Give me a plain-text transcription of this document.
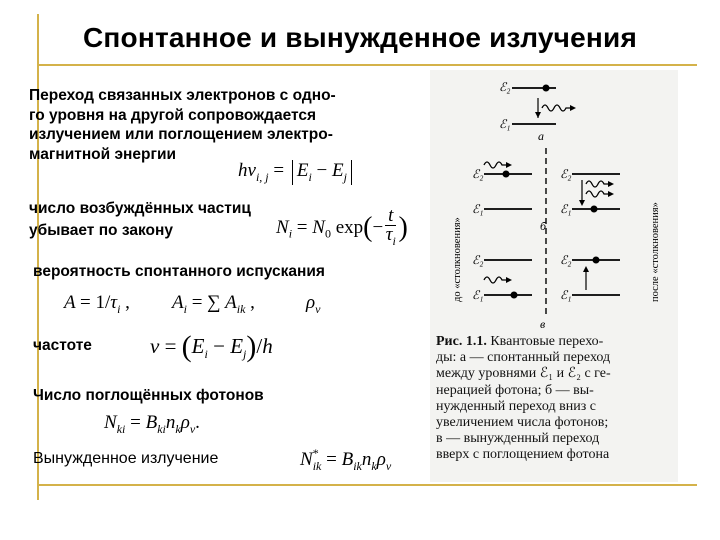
Спонтанное и вынужденное излучения
Переход связанных электронов с одно-
го уровня на другой сопровождается
излучением или поглощением электро-
магнитной энергии
$h\nu_{i, j} = E_i - E_j$
число возбуждённых частиц
убывает по закону	$N_i = N_0$ $\exp(- \frac{t}{\tau_i}$ )
вероятность спонтанного испускания
$A = 1/\tau_i$ , $A_i$ = ∑ $A_{ik}$ ,	$\rho_\nu$
частоте	$\nu = (E_i - E_j)/h$
Число поглощённых фотонов
$N_{ki} = B_{ki}n_k\rho_\nu$.
Вынужденное излучение	$N^*_{ik} = B_{ik}n_k\rho_\nu$
ℰ₂
ℰ₁
а
до «столкновения»	после «столкновения»
ℰ₂
ℰ₁
ℰ₂
ℰ₁
б
ℰ₂
ℰ₁
ℰ₂
ℰ₁
в
Рис. 1.1. Квантовые перехо-
ды: а — спонтанный переход
между уровнями ℰ₁ и ℰ₂ с ге-
нерацией фотона; б — вы-
нужденный переход вниз с
увеличением числа фотонов;
в — вынужденный переход
вверх с поглощением фотона
